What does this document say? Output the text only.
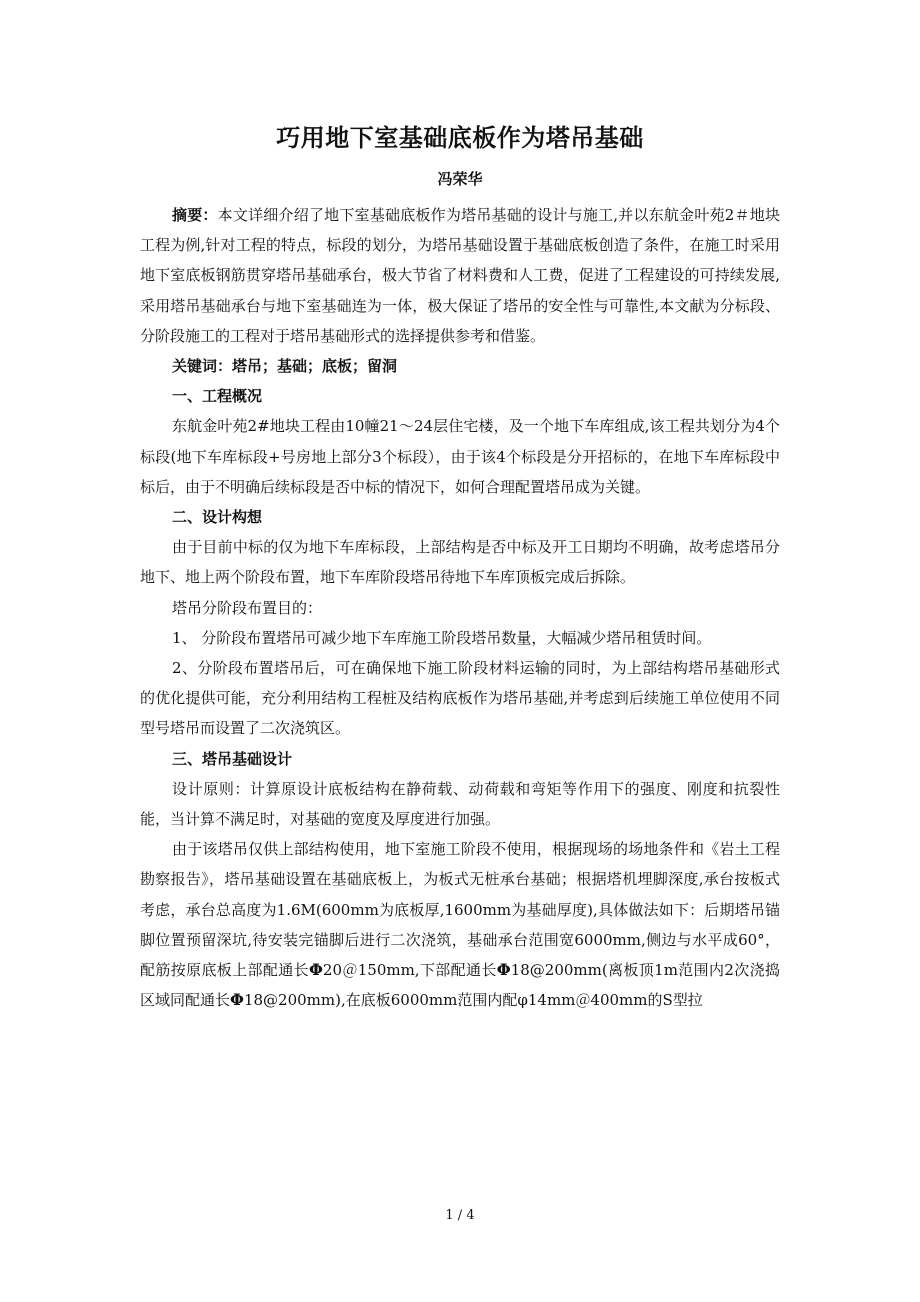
巧用地下室基础底板作为塔吊基础
冯荣华

摘要：本文详细介绍了地下室基础底板作为塔吊基础的设计与施工,并以东航金叶苑2＃地块工程为例,针对工程的特点，标段的划分，为塔吊基础设置于基础底板创造了条件，在施工时采用地下室底板钢筋贯穿塔吊基础承台，极大节省了材料费和人工费，促进了工程建设的可持续发展,采用塔吊基础承台与地下室基础连为一体，极大保证了塔吊的安全性与可靠性,本文献为分标段、分阶段施工的工程对于塔吊基础形式的选择提供参考和借鉴。

关键词：塔吊；基础；底板；留洞

一、工程概况

东航金叶苑2#地块工程由10幢21～24层住宅楼，及一个地下车库组成,该工程共划分为4个标段(地下车库标段+号房地上部分3个标段），由于该4个标段是分开招标的，在地下车库标段中标后，由于不明确后续标段是否中标的情况下，如何合理配置塔吊成为关键。

二、设计构想

由于目前中标的仅为地下车库标段，上部结构是否中标及开工日期均不明确，故考虑塔吊分地下、地上两个阶段布置，地下车库阶段塔吊待地下车库顶板完成后拆除。

塔吊分阶段布置目的：

1、 分阶段布置塔吊可减少地下车库施工阶段塔吊数量，大幅减少塔吊租赁时间。

2、分阶段布置塔吊后，可在确保地下施工阶段材料运输的同时，为上部结构塔吊基础形式的优化提供可能，充分利用结构工程桩及结构底板作为塔吊基础,并考虑到后续施工单位使用不同型号塔吊而设置了二次浇筑区。

三、塔吊基础设计

设计原则：计算原设计底板结构在静荷载、动荷载和弯矩等作用下的强度、刚度和抗裂性能，当计算不满足时，对基础的宽度及厚度进行加强。

由于该塔吊仅供上部结构使用，地下室施工阶段不使用，根据现场的场地条件和《岩土工程勘察报告》，塔吊基础设置在基础底板上，为板式无桩承台基础；根据塔机埋脚深度,承台按板式考虑，承台总高度为1.6M(600mm为底板厚,1600mm为基础厚度),具体做法如下：后期塔吊锚脚位置预留深坑,待安装完锚脚后进行二次浇筑，基础承台范围宽6000mm,侧边与水平成60°，配筋按原底板上部配通长Φ20＠150mm,下部配通长Φ18@200mm(离板顶1m范围内2次浇捣区域同配通长Φ18@200mm),在底板6000mm范围内配φ14mm＠400mm的S型拉

1 / 4
